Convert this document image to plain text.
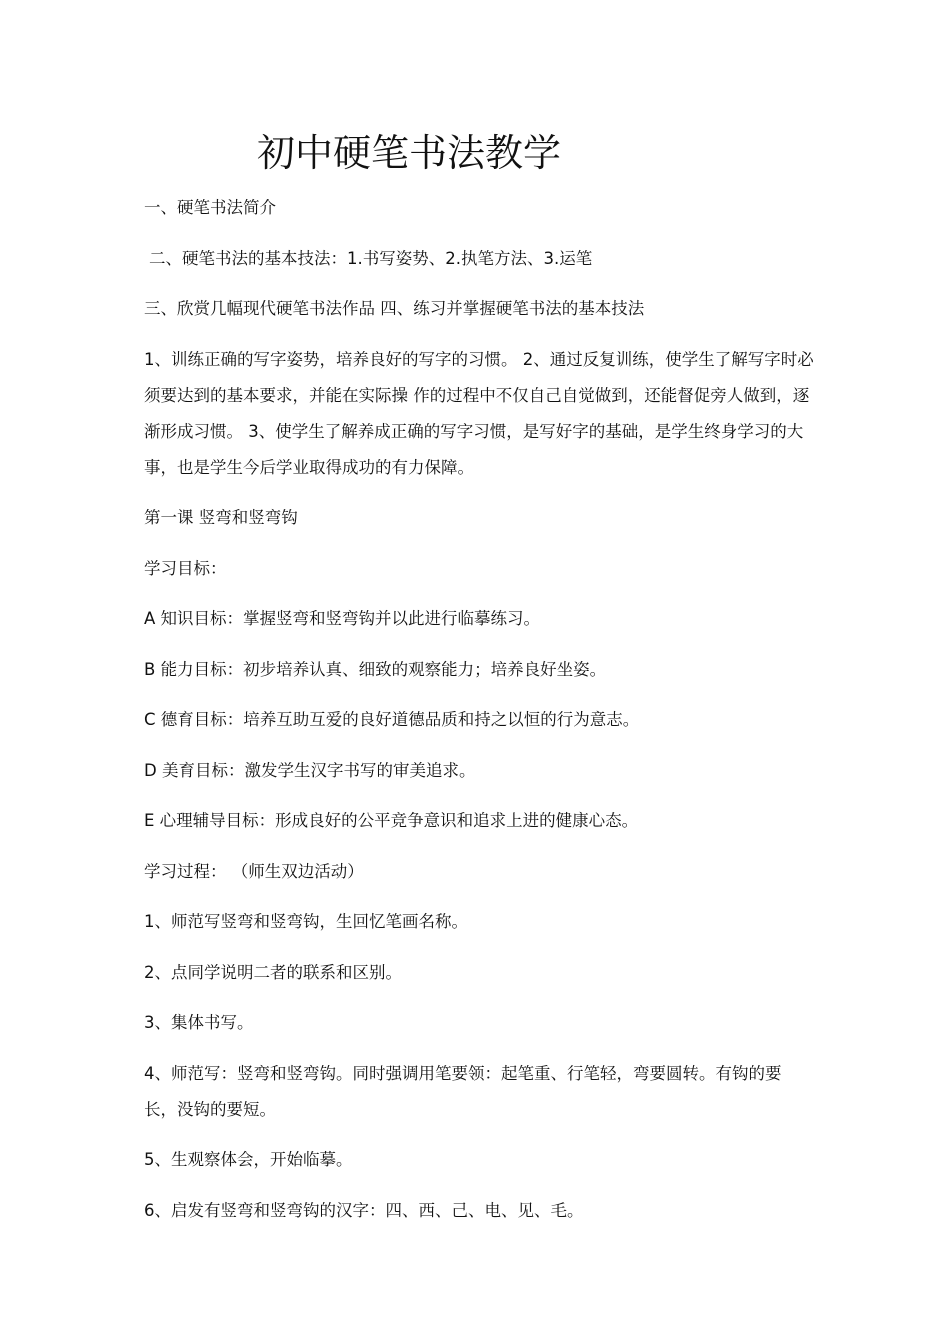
初中硬笔书法教学

一、硬笔书法简介

二、硬笔书法的基本技法：1.书写姿势、2.执笔方法、3.运笔

三、欣赏几幅现代硬笔书法作品 四、练习并掌握硬笔书法的基本技法

1、训练正确的写字姿势，培养良好的写字的习惯。 2、通过反复训练，使学生了解写字时必须要达到的基本要求，并能在实际操 作的过程中不仅自己自觉做到，还能督促旁人做到，逐渐形成习惯。 3、使学生了解养成正确的写字习惯，是写好字的基础，是学生终身学习的大 事，也是学生今后学业取得成功的有力保障。

第一课 竖弯和竖弯钩

学习目标：

A 知识目标：掌握竖弯和竖弯钩并以此进行临摹练习。

B 能力目标：初步培养认真、细致的观察能力；培养良好坐姿。

C 德育目标：培养互助互爱的良好道德品质和持之以恒的行为意志。

D 美育目标：激发学生汉字书写的审美追求。

E 心理辅导目标：形成良好的公平竞争意识和追求上进的健康心态。

学习过程： （师生双边活动）

1、师范写竖弯和竖弯钩，生回忆笔画名称。

2、点同学说明二者的联系和区别。

3、集体书写。

4、师范写：竖弯和竖弯钩。同时强调用笔要领：起笔重、行笔轻，弯要圆转。有钩的要长，没钩的要短。

5、生观察体会，开始临摹。

6、启发有竖弯和竖弯钩的汉字：四、西、己、电、见、毛。
